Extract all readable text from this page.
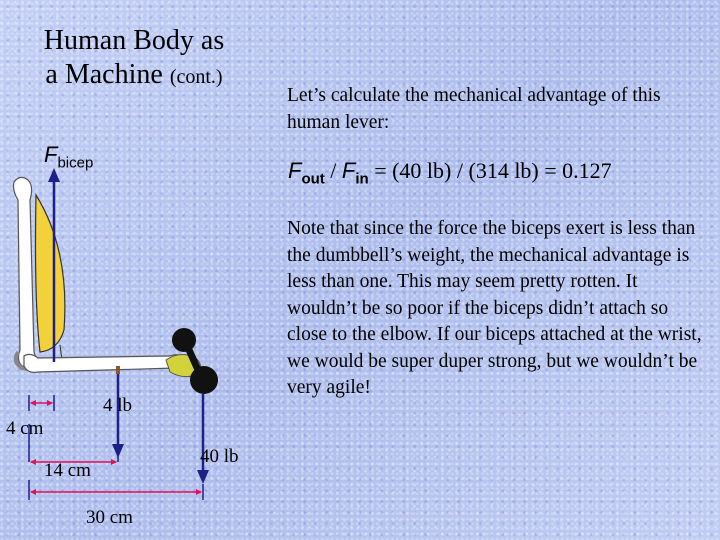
Human Body as
a Machine (cont.)
Let’s calculate the mechanical advantage of this human lever:
$F_{out} / F_{in} = (40$ lb) / (314 lb) = 0.127
Note that since the force the biceps exert is less than the dumbbell’s weight, the mechanical advantage is less than one. This may seem pretty rotten. It wouldn’t be so poor if the biceps didn’t attach so close to the elbow. If our biceps attached at the wrist, we would be super duper strong, but we wouldn’t be very agile!
$F_{bicep}$
4 lb
40 lb
4 cm
14 cm
30 cm
